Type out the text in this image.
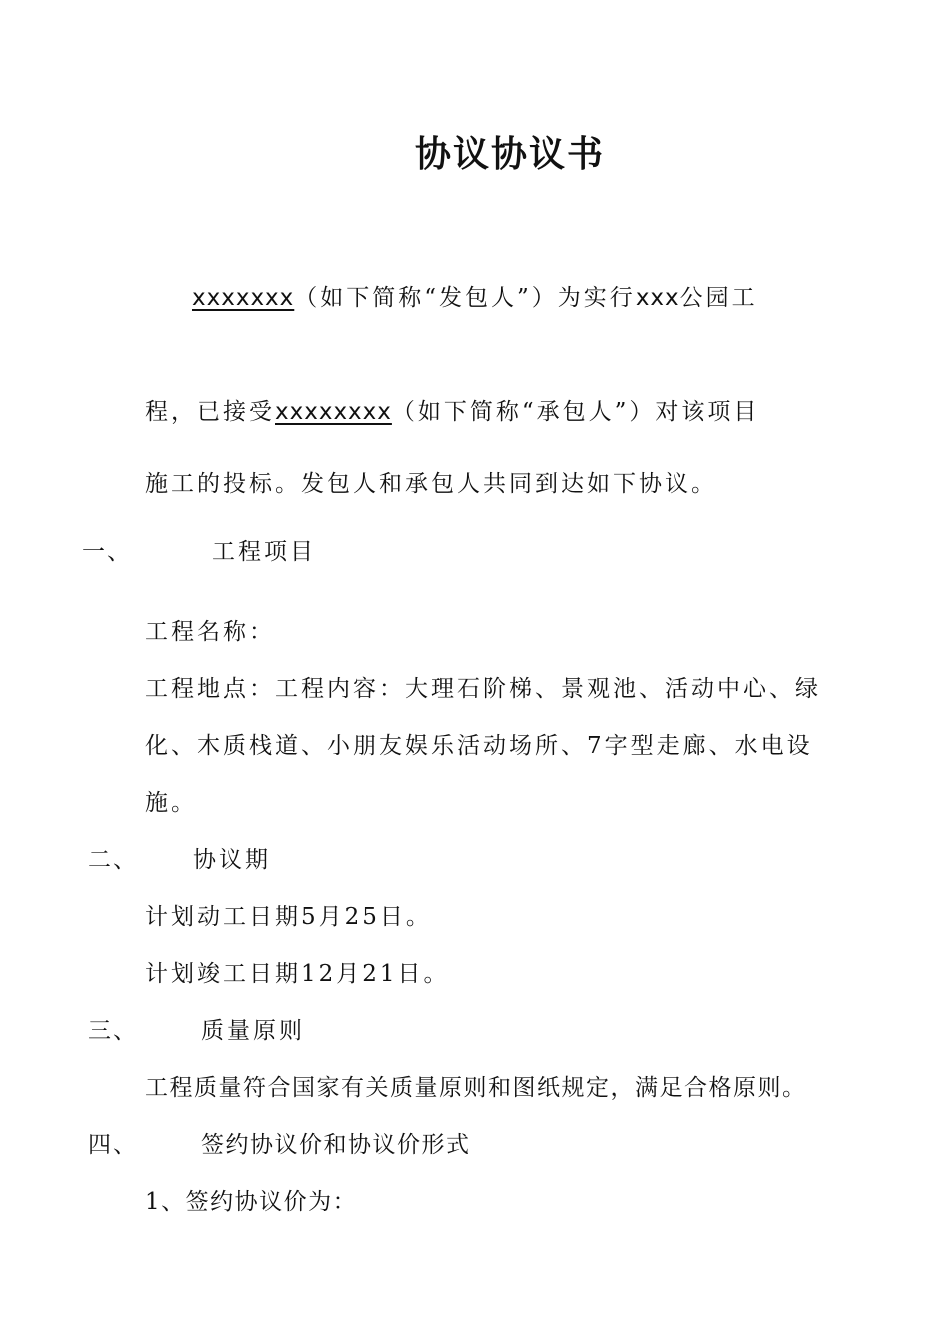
协议协议书
xxxxxxx（如下简称“发包人”）为实行xxx公园工
程，已接受xxxxxxxx（如下简称“承包人”）对该项目
施工的投标。发包人和承包人共同到达如下协议。
一、	工程项目
工程名称：
工程地点：工程内容：大理石阶梯、景观池、活动中心、绿
化、木质栈道、小朋友娱乐活动场所、7字型走廊、水电设
施。
二、 协议期
计划动工日期5月25日。
计划竣工日期12月21日。
三、	质量原则
工程质量符合国家有关质量原则和图纸规定，满足合格原则。
四、	签约协议价和协议价形式
1、签约协议价为：
